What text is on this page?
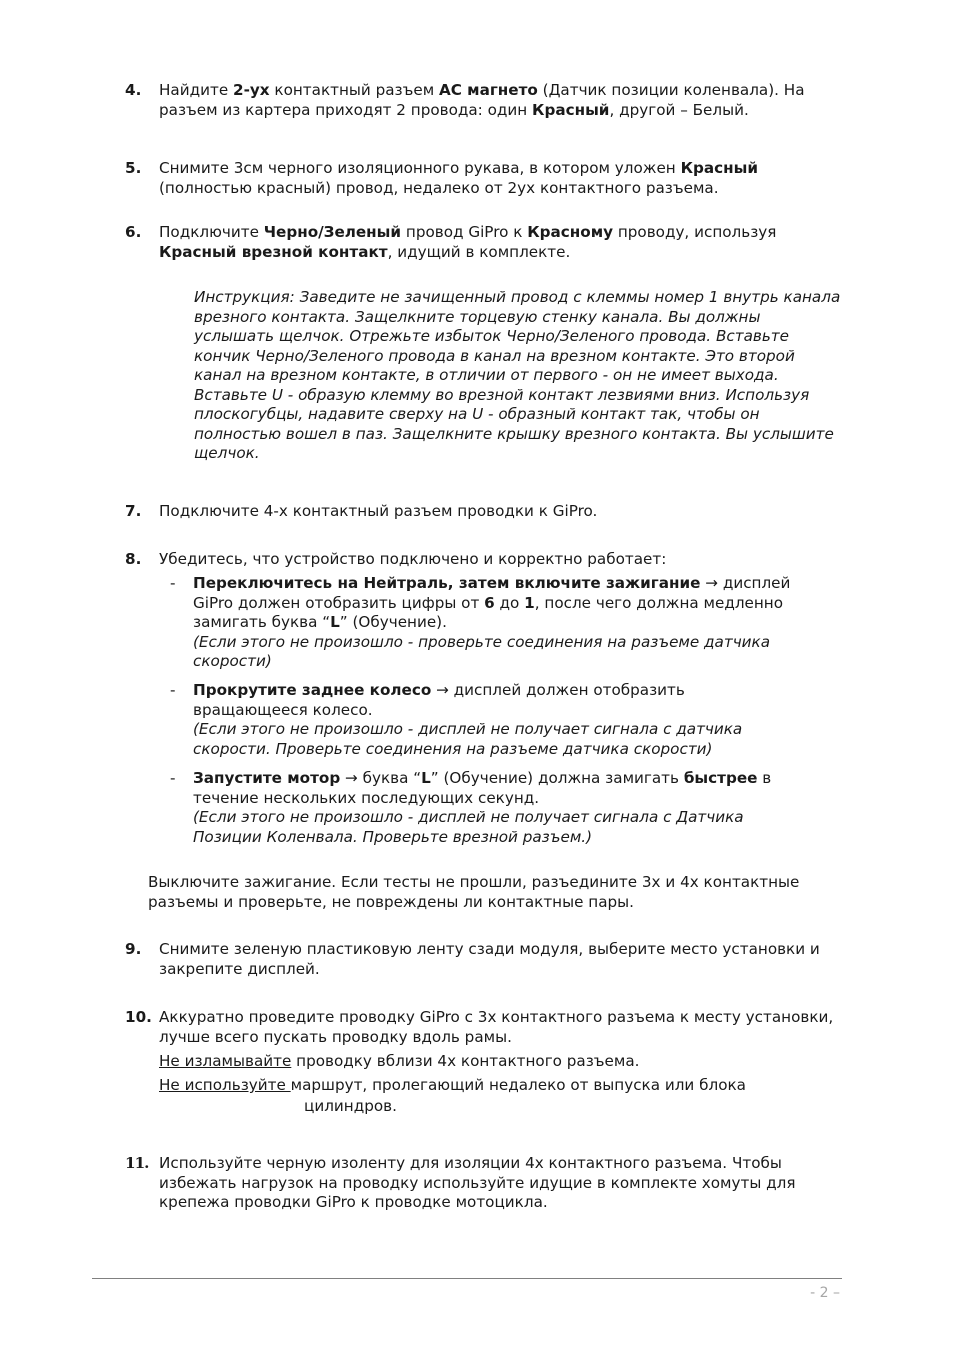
4.	Найдите 2-ух контактный разъем AC магнето (Датчик позиции коленвала). На разъем из картера приходят 2 провода: один Красный, другой – Белый.
5.	Снимите 3см черного изоляционного рукава, в котором уложен Красный (полностью красный) провод, недалеко от 2ух контактного разъема.
6.	Подключите Черно/Зеленый провод GiPro к Красному проводу, используя Красный врезной контакт, идущий в комплекте.
Инструкция: Заведите не зачищенный провод с клеммы номер 1 внутрь канала врезного контакта. Защелкните торцевую стенку канала. Вы должны услышать щелчок. Отрежьте избыток Черно/Зеленого провода. Вставьте кончик Черно/Зеленого провода в канал на врезном контакте. Это второй канал на врезном контакте, в отличии от первого - он не имеет выхода. Вставьте U - образую клемму во врезной контакт лезвиями вниз. Используя плоскогубцы, надавите сверху на U - образный контакт так, чтобы он полностью вошел в паз. Защелкните крышку врезного контакта. Вы услышите щелчок.
7.	Подключите 4-х контактный разъем проводки к GiPro.
8.	Убедитесь, что устройство подключено и корректно работает:
- Переключитесь на Нейтраль, затем включите зажигание → дисплей GiPro должен отобразить цифры от 6 до 1, после чего должна медленно замигать буква “L” (Обучение).
(Если этого не произошло - проверьте соединения на разъеме датчика скорости)
- Прокрутите заднее колесо → дисплей должен отобразить вращающееся колесо.
(Если этого не произошло - дисплей не получает сигнала с датчика скорости. Проверьте соединения на разъеме датчика скорости)
- Запустите мотор → буква “L” (Обучение) должна замигать быстрее в течение нескольких последующих секунд.
(Если этого не произошло - дисплей не получает сигнала с Датчика Позиции Коленвала. Проверьте врезной разъем.)
Выключите зажигание. Если тесты не прошли, разъедините 3х и 4х контактные разъемы и проверьте, не повреждены ли контактные пары.
9.	Снимите зеленую пластиковую ленту сзади модуля, выберите место установки и закрепите дисплей.
10. Аккуратно проведите проводку GiPro с 3х контактного разъема к месту установки, лучше всего пускать проводку вдоль рамы.
Не изламывайте проводку вблизи 4х контактного разъема.
Не используйте маршрут, пролегающий недалеко от выпуска или блока
цилиндров.
11. Используйте черную изоленту для изоляции 4х контактного разъема. Чтобы избежать нагрузок на проводку используйте идущие в комплекте хомуты для крепежа проводки GiPro к проводке мотоцикла.
- 2 –
